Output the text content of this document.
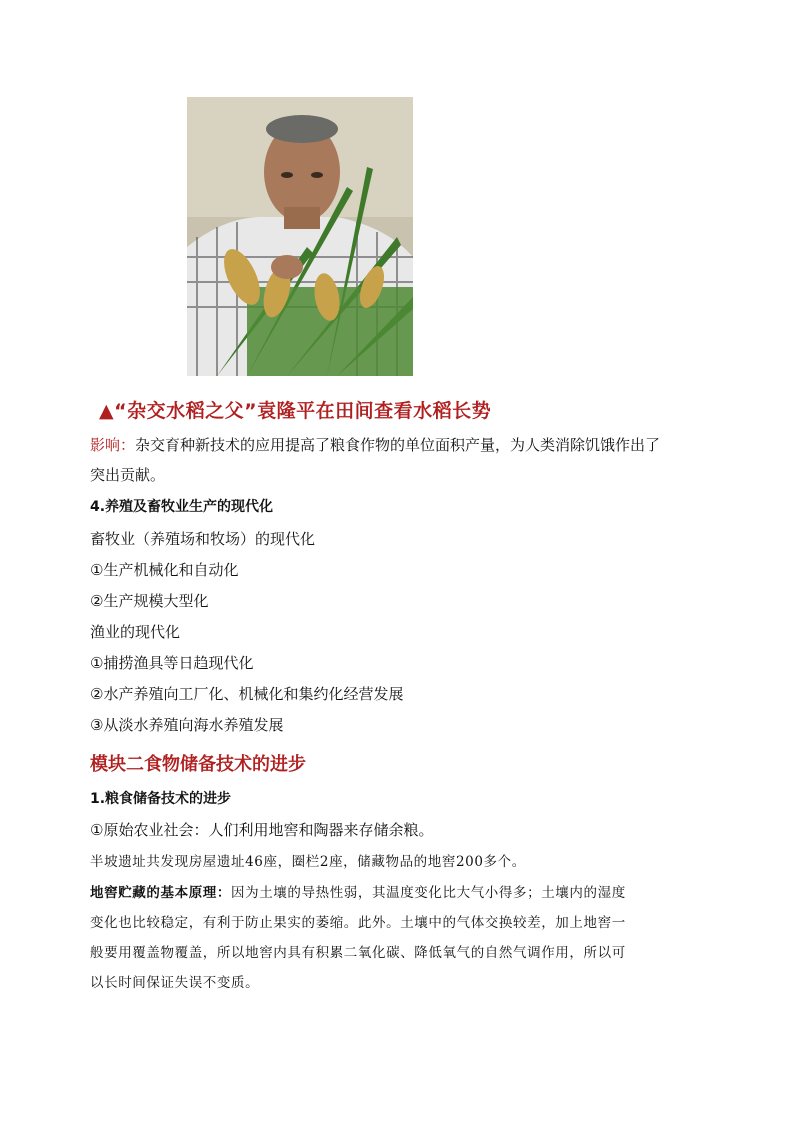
▲“杂交水稻之父”袁隆平在田间查看水稻长势
影响：杂交育种新技术的应用提高了粮食作物的单位面积产量，为人类消除饥饿作出了
突出贡献。
4.养殖及畜牧业生产的现代化
畜牧业（养殖场和牧场）的现代化
①生产机械化和自动化
②生产规模大型化
渔业的现代化
①捕捞渔具等日趋现代化
②水产养殖向工厂化、机械化和集约化经营发展
③从淡水养殖向海水养殖发展
模块二食物储备技术的进步
1.粮食储备技术的进步
①原始农业社会：人们利用地窖和陶器来存储余粮。
半坡遗址共发现房屋遗址46座，圈栏2座，储藏物品的地窖200多个。
地窖贮藏的基本原理：因为土壤的导热性弱，其温度变化比大气小得多；土壤内的湿度
变化也比较稳定，有利于防止果实的萎缩。此外。土壤中的气体交换较差，加上地窖一
般要用覆盖物覆盖，所以地窖内具有积累二氧化碳、降低氧气的自然气调作用，所以可
以长时间保证失误不变质。
